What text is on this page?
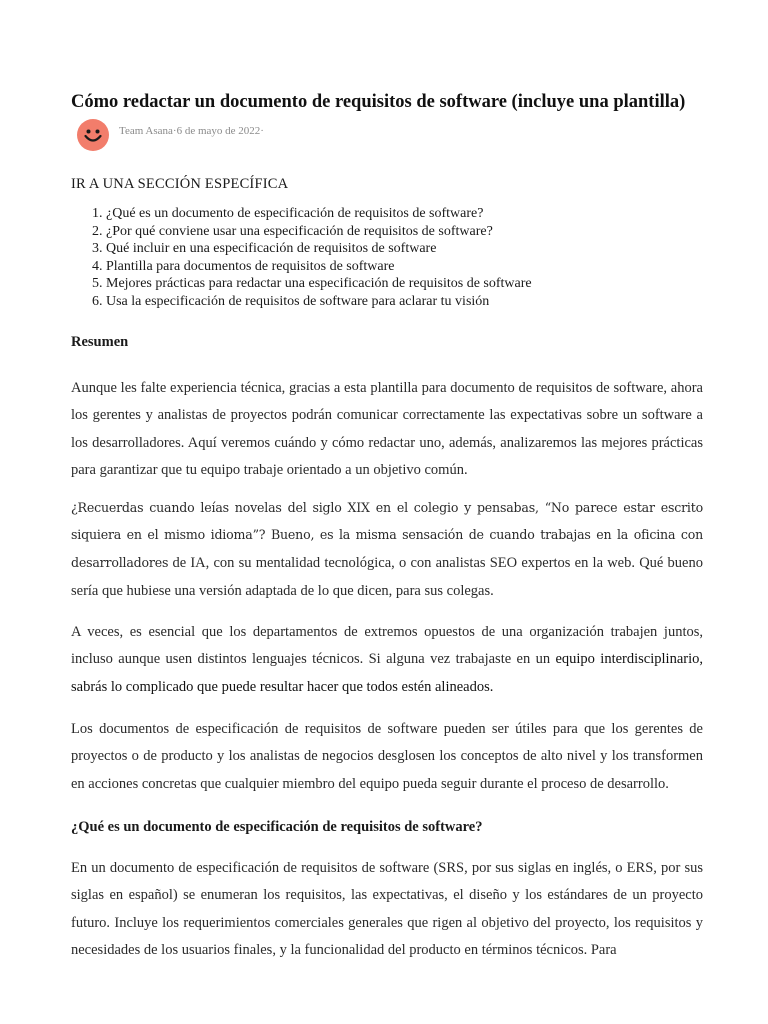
Cómo redactar un documento de requisitos de software (incluye una plantilla)
Team Asana·6 de mayo de 2022·
IR A UNA SECCIÓN ESPECÍFICA
1. ¿Qué es un documento de especificación de requisitos de software?
2. ¿Por qué conviene usar una especificación de requisitos de software?
3. Qué incluir en una especificación de requisitos de software
4. Plantilla para documentos de requisitos de software
5. Mejores prácticas para redactar una especificación de requisitos de software
6. Usa la especificación de requisitos de software para aclarar tu visión
Resumen

Aunque les falte experiencia técnica, gracias a esta plantilla para documento de requisitos de software, ahora los gerentes y analistas de proyectos podrán comunicar correctamente las expectativas sobre un software a los desarrolladores. Aquí veremos cuándo y cómo redactar uno, además, analizaremos las mejores prácticas para garantizar que tu equipo trabaje orientado a un objetivo común.

¿Recuerdas cuando leías novelas del siglo XIX en el colegio y pensabas, “No parece estar escrito siquiera en el mismo idioma”? Bueno, es la misma sensación de cuando trabajas en la oficina con desarrolladores de IA, con su mentalidad tecnológica, o con analistas SEO expertos en la web. Qué bueno sería que hubiese una versión adaptada de lo que dicen, para sus colegas.

A veces, es esencial que los departamentos de extremos opuestos de una organización trabajen juntos, incluso aunque usen distintos lenguajes técnicos. Si alguna vez trabajaste en un equipo interdisciplinario, sabrás lo complicado que puede resultar hacer que todos estén alineados.

Los documentos de especificación de requisitos de software pueden ser útiles para que los gerentes de proyectos o de producto y los analistas de negocios desglosen los conceptos de alto nivel y los transformen en acciones concretas que cualquier miembro del equipo pueda seguir durante el proceso de desarrollo.

¿Qué es un documento de especificación de requisitos de software?

En un documento de especificación de requisitos de software (SRS, por sus siglas en inglés, o ERS, por sus siglas en español) se enumeran los requisitos, las expectativas, el diseño y los estándares de un proyecto futuro. Incluye los requerimientos comerciales generales que rigen al objetivo del proyecto, los requisitos y necesidades de los usuarios finales, y la funcionalidad del producto en términos técnicos. Para
